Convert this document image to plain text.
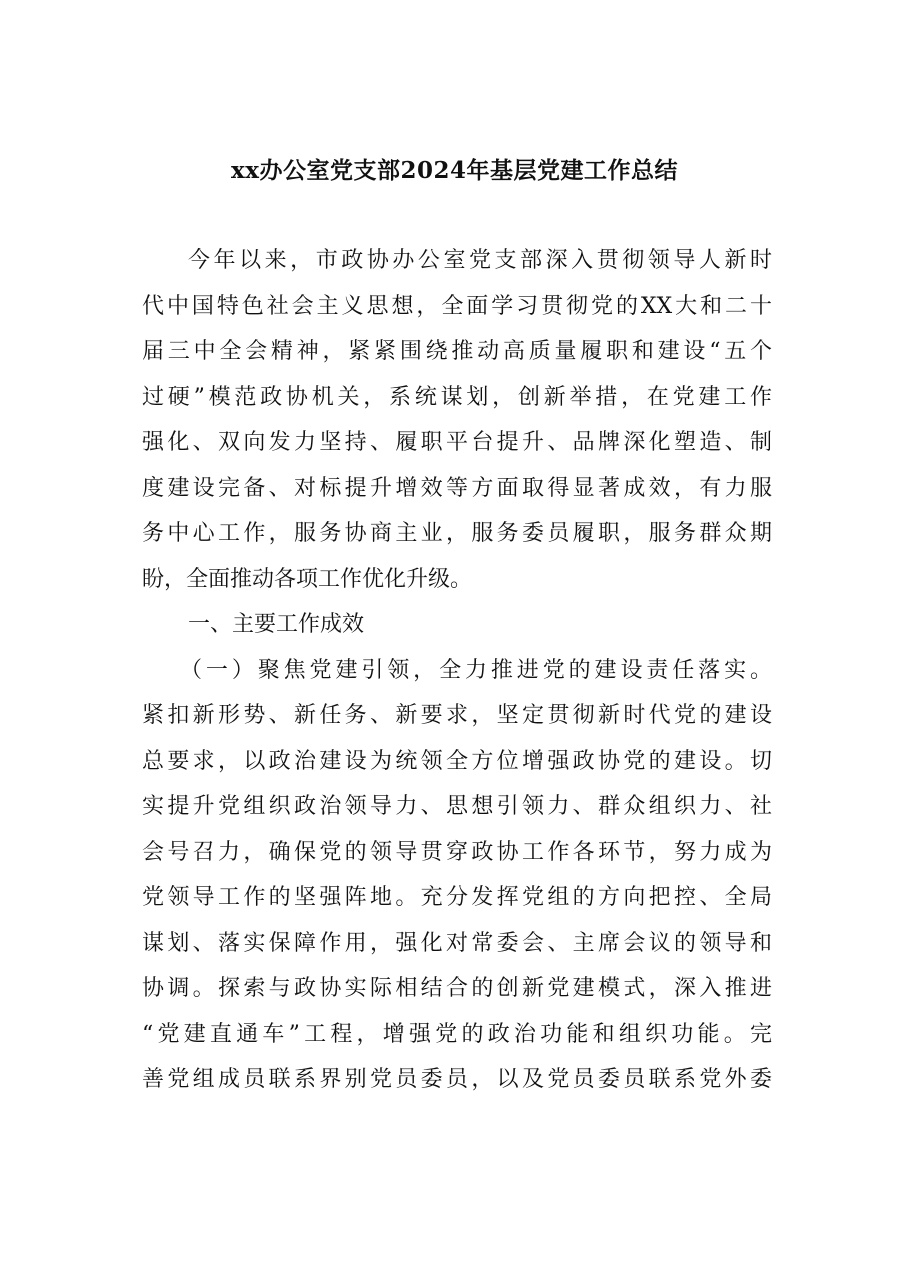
xx办公室党支部2024年基层党建工作总结
今年以来，市政协办公室党支部深入贯彻领导人新时
代中国特色社会主义思想，全面学习贯彻党的XX大和二十
届三中全会精神，紧紧围绕推动高质量履职和建设“五个
过硬”模范政协机关，系统谋划，创新举措，在党建工作
强化、双向发力坚持、履职平台提升、品牌深化塑造、制
度建设完备、对标提升增效等方面取得显著成效，有力服
务中心工作，服务协商主业，服务委员履职，服务群众期
盼，全面推动各项工作优化升级。
一、主要工作成效
（一）聚焦党建引领，全力推进党的建设责任落实。
紧扣新形势、新任务、新要求，坚定贯彻新时代党的建设
总要求，以政治建设为统领全方位增强政协党的建设。切
实提升党组织政治领导力、思想引领力、群众组织力、社
会号召力，确保党的领导贯穿政协工作各环节，努力成为
党领导工作的坚强阵地。充分发挥党组的方向把控、全局
谋划、落实保障作用，强化对常委会、主席会议的领导和
协调。探索与政协实际相结合的创新党建模式，深入推进
“党建直通车”工程，增强党的政治功能和组织功能。完
善党组成员联系界别党员委员，以及党员委员联系党外委
